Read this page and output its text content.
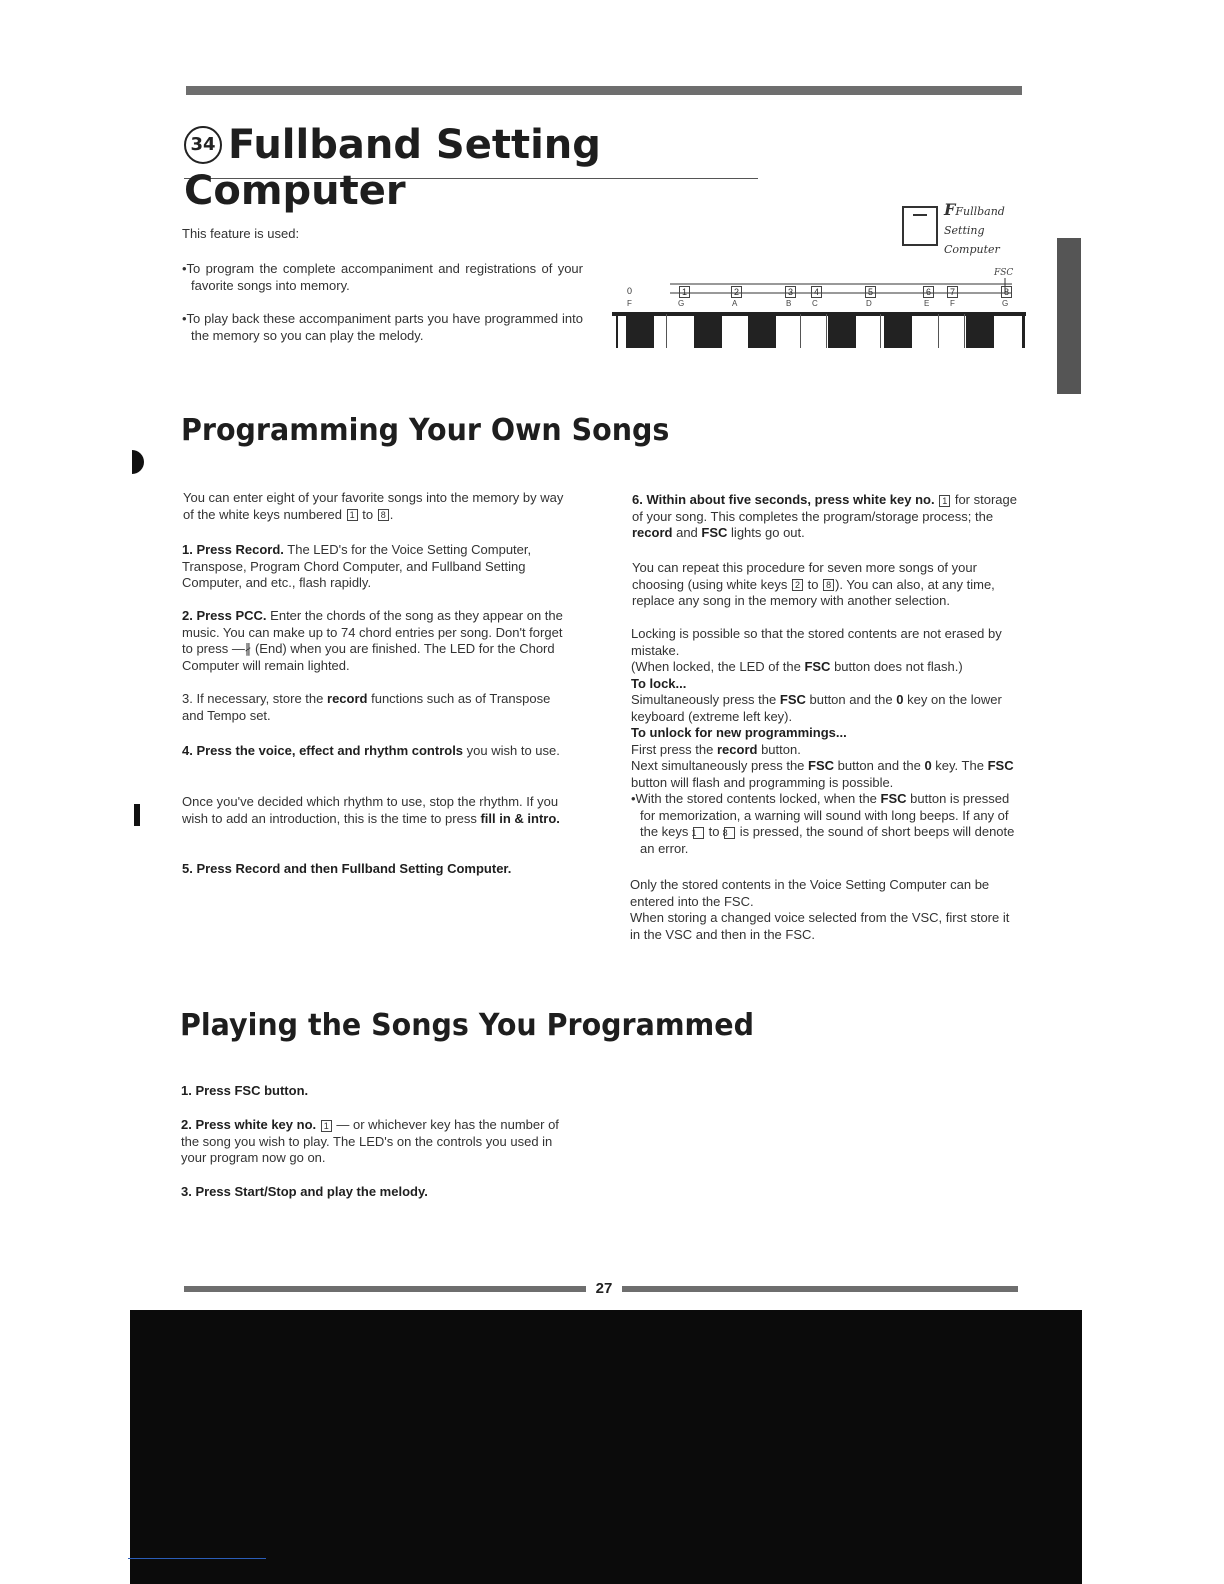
34 Fullband Setting Computer
This feature is used:
•To program the complete accompaniment and registrations of your favorite songs into memory.
•To play back these accompaniment parts you have programmed into the memory so you can play the melody.
FFullband
Setting
Computer
FSC
0	1	2	3	4	5	6	7	8
F	G	A	B	C	D	E	F	G
Programming Your Own Songs
You can enter eight of your favorite songs into the memory by way of the white keys numbered 1 to 8 .
1. Press Record. The LED's for the Voice Setting Computer, Transpose, Program Chord Computer, and Fullband Setting Computer, and etc., flash rapidly.
2. Press PCC. Enter the chords of the song as they appear on the music. You can make up to 74 chord entries per song. Don't forget to press —∦ (End) when you are finished. The LED for the Chord Computer will remain lighted.
3. If necessary, store the record functions such as of Transpose and Tempo set.
4. Press the voice, effect and rhythm controls you wish to use.
Once you've decided which rhythm to use, stop the rhythm. If you wish to add an introduction, this is the time to press fill in & intro.
5. Press Record and then Fullband Setting Computer.
6. Within about five seconds, press white key no. 1 for storage of your song. This completes the program/storage process; the record and FSC lights go out.
You can repeat this procedure for seven more songs of your choosing (using white keys 2 to 8 ). You can also, at any time, replace any song in the memory with another selection.
Locking is possible so that the stored contents are not erased by mistake.
(When locked, the LED of the FSC button does not flash.)
To lock...
Simultaneously press the FSC button and the 0 key on the lower keyboard (extreme left key).
To unlock for new programmings...
First press the record button.
Next simultaneously press the FSC button and the 0 key. The FSC button will flash and programming is possible.
•With the stored contents locked, when the FSC button is pressed for memorization, a warning will sound with long beeps. If any of the keys 1 to 8 is pressed, the sound of short beeps will denote an error.
Only the stored contents in the Voice Setting Computer can be entered into the FSC.
When storing a changed voice selected from the VSC, first store it in the VSC and then in the FSC.
Playing the Songs You Programmed
1. Press FSC button.
2. Press white key no. 1 — or whichever key has the number of the song you wish to play. The LED's on the controls you used in your program now go on.
3. Press Start/Stop and play the melody.
27
